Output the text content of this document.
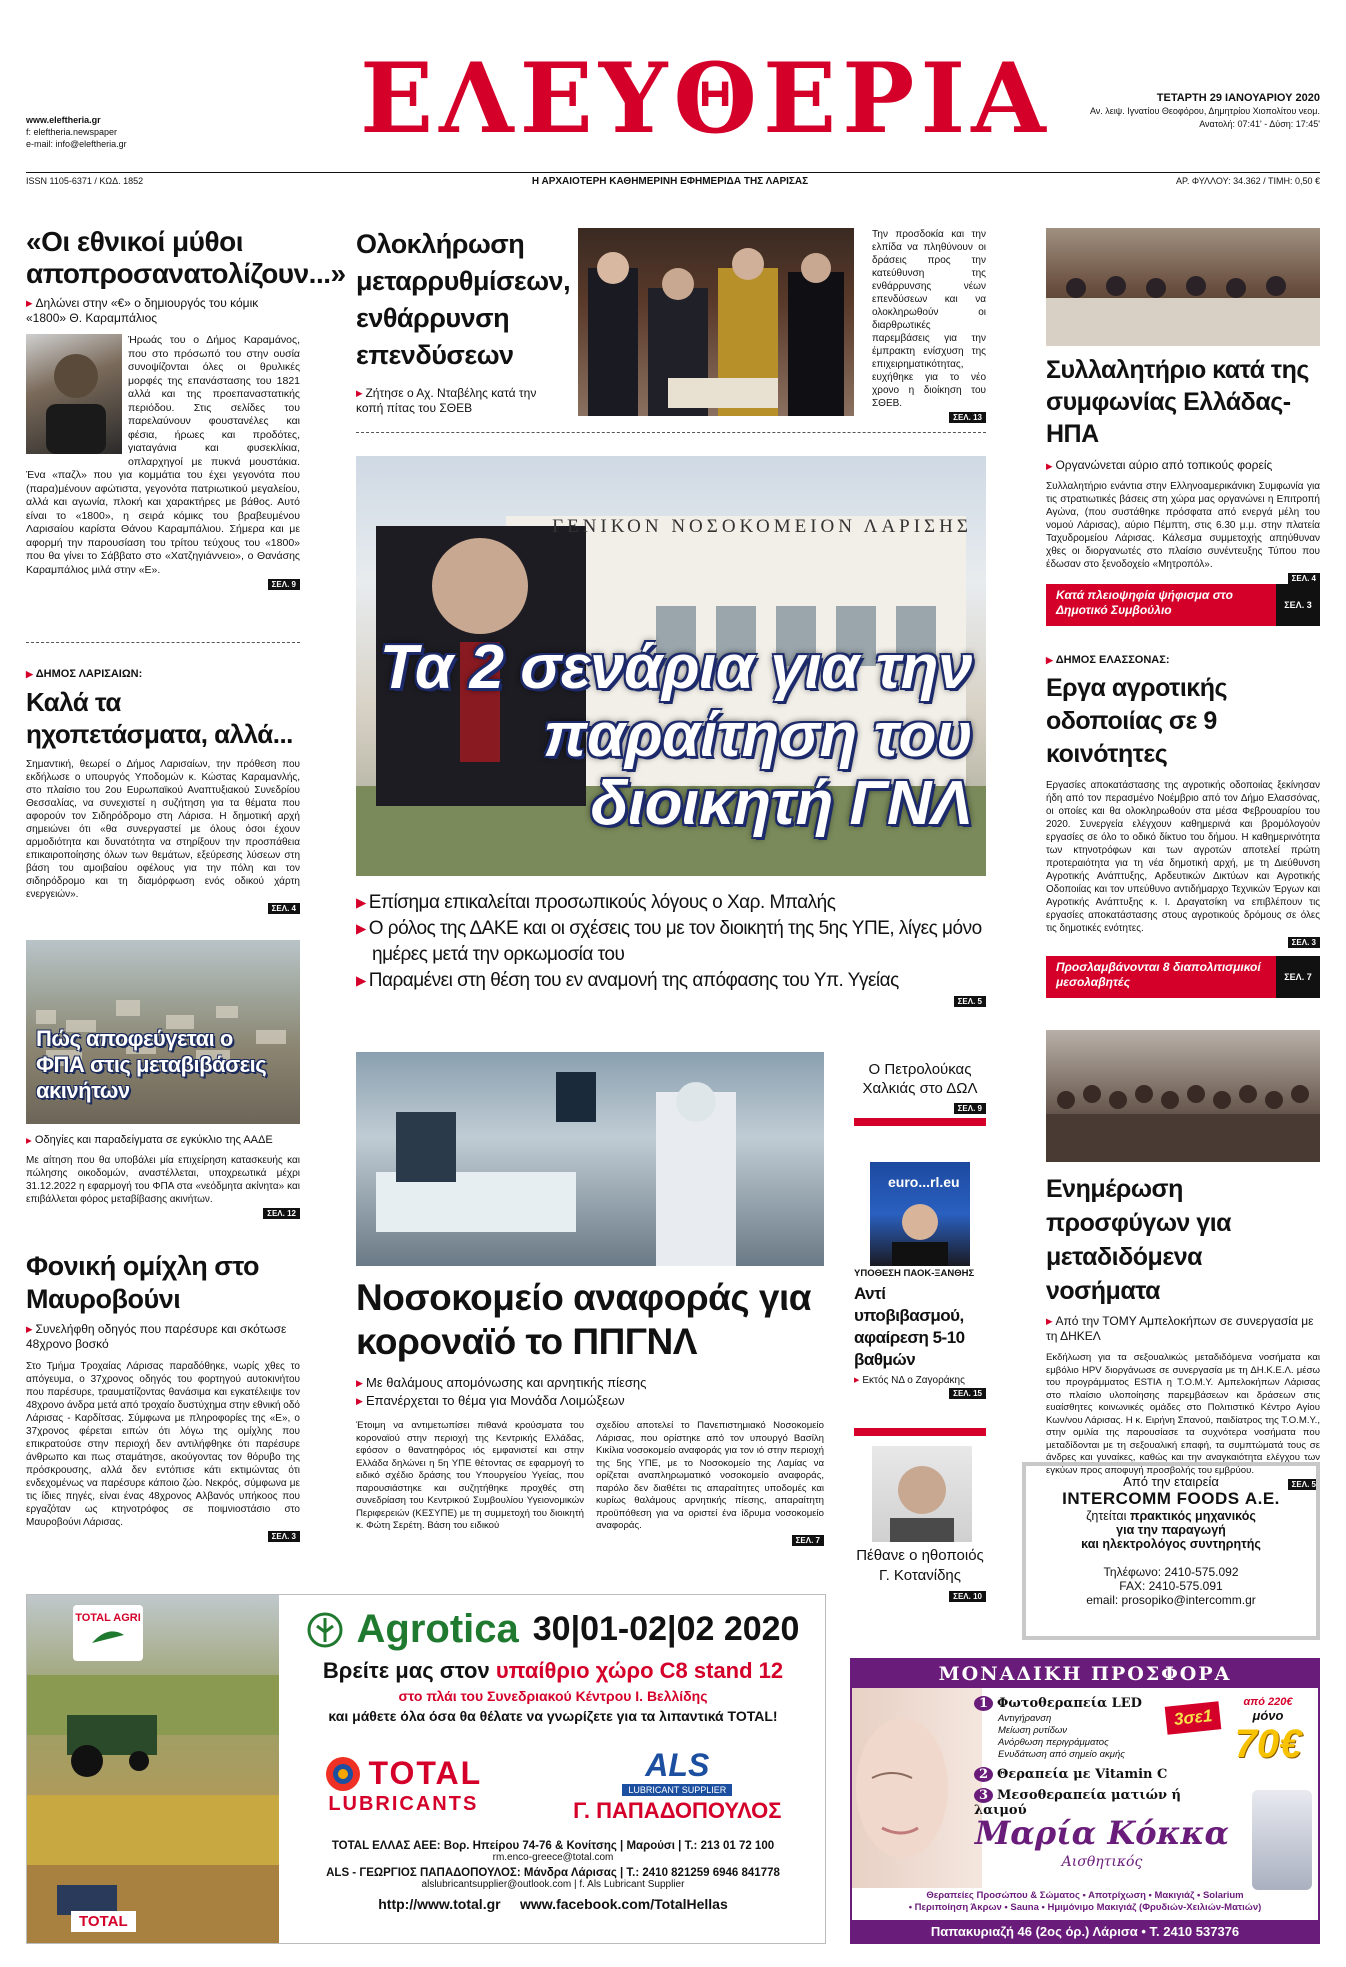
www.eleftheria.gr
f: eleftheria.newspaper
e-mail: info@eleftheria.gr ΕΛΕΥΘΕΡΙΑ	ΤΕΤΑΡΤΗ 29 ΙΑΝΟΥΑΡΙΟΥ 2020
Αν. λειψ. Ιγνατίου Θεοφόρου, Δημητρίου Χιοπολίτου νεομ.
Ανατολή: 07:41' - Δύση: 17:45'
ISSN 1105-6371 / ΚΩΔ. 1852	Η ΑΡΧΑΙΟΤΕΡΗ ΚΑΘΗΜΕΡΙΝΗ ΕΦΗΜΕΡΙΔΑ ΤΗΣ ΛΑΡΙΣΑΣ	ΑΡ. ΦΥΛΛΟΥ: 34.362 / ΤΙΜΗ: 0,50 €
«Οι εθνικοί μύθοι αποπροσανατολίζουν...»
▶ Δηλώνει στην «€» ο δημιουργός του κόμικ «1800» Θ. Καραμπάλιος
Ήρωάς του ο Δήμος Καραμάνος, που στο πρόσωπό του στην ουσία συνοψίζονται όλες οι θρυλικές μορφές της επανάστασης του 1821 αλλά και της προεπαναστατικής περιόδου. Στις σελίδες του παρελαύνουν φουστανέλες και φέσια, ήρωες και προδότες, γιαταγάνια και φυσεκλίκια, οπλαρχηγοί με πυκνά μουστάκια. Ένα «παζλ» που για κομμάτια του έχει γεγονότα που (παρα)μένουν αφώτιστα, γεγονότα πατριωτικού μεγαλείου, αλλά και αγωνία, πλοκή και χαρακτήρες με βάθος. Αυτό είναι το «1800», η σειρά κόμικς του βραβευμένου Λαρισαίου καρίστα Θάνου Καραμπάλιου. Σήμερα και με αφορμή την παρουσίαση του τρίτου τεύχους του «1800» που θα γίνει το Σάββατο στο «Χατζηγιάννειο», ο Θανάσης Καραμπάλιος μιλά στην «Ε».
ΣΕΛ. 9
▶ ΔΗΜΟΣ ΛΑΡΙΣΑΙΩΝ:
Καλά τα ηχοπετάσματα, αλλά...
Σημαντική, θεωρεί ο Δήμος Λαρισαίων, την πρόθεση που εκδήλωσε ο υπουργός Υποδομών κ. Κώστας Καραμανλής, στο πλαίσιο του 2ου Ευρωπαϊκού Αναπτυξιακού Συνεδρίου Θεσσαλίας, να συνεχιστεί η συζήτηση για τα θέματα που αφορούν τον Σιδηρόδρομο στη Λάρισα. Η δημοτική αρχή σημειώνει ότι «θα συνεργαστεί με όλους όσοι έχουν αρμοδιότητα και δυνατότητα να στηρίξουν την προσπάθεια επικαιροποίησης όλων των θεμάτων, εξεύρεσης λύσεων στη βάση του αμοιβαίου οφέλους για την πόλη και τον σιδηρόδρομο και τη διαμόρφωση ενός οδικού χάρτη ενεργειών».
ΣΕΛ. 4
Πώς αποφεύγεται ο ΦΠΑ στις μεταβιβάσεις ακινήτων
▶ Οδηγίες και παραδείγματα σε εγκύκλιο της ΑΑΔΕ
Με αίτηση που θα υποβάλει μία επιχείρηση κατασκευής και πώλησης οικοδομών, αναστέλλεται, υποχρεωτικά μέχρι 31.12.2022 η εφαρμογή του ΦΠΑ στα «νεόδμητα ακίνητα» και επιβάλλεται φόρος μεταβίβασης ακινήτων.
ΣΕΛ. 12
Φονική ομίχλη στο Μαυροβούνι
▶ Συνελήφθη οδηγός που παρέσυρε και σκότωσε 48χρονο βοσκό
Στο Τμήμα Τροχαίας Λάρισας παραδόθηκε, νωρίς χθες το απόγευμα, ο 37χρονος οδηγός του φορτηγού αυτοκινήτου που παρέσυρε, τραυματίζοντας θανάσιμα και εγκατέλειψε τον 48χρονο άνδρα μετά από τροχαίο δυστύχημα στην εθνική οδό Λάρισας - Καρδίτσας. Σύμφωνα με πληροφορίες της «Ε», ο 37χρονος φέρεται ειπών ότι λόγω της ομίχλης που επικρατούσε στην περιοχή δεν αντιλήφθηκε ότι παρέσυρε άνθρωπο και πως σταμάτησε, ακούγοντας τον θόρυβο της πρόσκρουσης, αλλά δεν εντόπισε κάτι εκτιμώντας ότι ενδεχομένως να παρέσυρε κάποιο ζώο. Νεκρός, σύμφωνα με τις ίδιες πηγές, είναι ένας 48χρονος Αλβανός υπήκοος που εργαζόταν ως κτηνοτρόφος σε ποιμνιοστάσιο στο Μαυροβούνι Λάρισας.
ΣΕΛ. 3
Ολοκλήρωση μεταρρυθμίσεων, ενθάρρυνση επενδύσεων
▶ Ζήτησε ο Αχ. Νταβέλης κατά την κοπή πίτας του ΣΘΕΒ
Την προσδοκία και την ελπίδα να πληθύνουν οι δράσεις προς την κατεύθυνση της ενθάρρυνσης νέων επενδύσεων και να ολοκληρωθούν οι διαρθρωτικές παρεμβάσεις για την έμπρακτη ενίσχυση της επιχειρηματικότητας, ευχήθηκε για το νέο χρονο η διοίκηση του ΣΘΕΒ.
ΣΕΛ. 13
ΓΕΝΙΚΟΝ ΝΟΣΟΚΟΜΕΙΟΝ ΛΑΡΙΣΗΣ
Τα 2 σενάρια για την παραίτηση του διοικητή ΓΝΛ
▶ Επίσημα επικαλείται προσωπικούς λόγους ο Χαρ. Μπαλής
▶ Ο ρόλος της ΔΑΚΕ και οι σχέσεις του με τον διοικητή της 5ης ΥΠΕ, λίγες μόνο ημέρες μετά την ορκωμοσία του
▶ Παραμένει στη θέση του εν αναμονή της απόφασης του Υπ. Υγείας
ΣΕΛ. 5
Νοσοκομείο αναφοράς για κοροναϊό το ΠΠΓΝΛ
▶ Με θαλάμους απομόνωσης και αρνητικής πίεσης
▶ Επανέρχεται το θέμα για Μονάδα Λοιμώξεων
Έτοιμη να αντιμετωπίσει πιθανά κρούσματα του κοροναϊού στην περιοχή της Κεντρικής Ελλάδας, εφόσον ο θανατηφόρος ιός εμφανιστεί και στην Ελλάδα δηλώνει η 5η ΥΠΕ θέτοντας σε εφαρμογή το ειδικό σχέδιο δράσης του Υπουργείου Υγείας, που παρουσιάστηκε και συζητήθηκε προχθές στη συνεδρίαση του Κεντρικού Συμβουλίου Υγειονομικών Περιφερειών (ΚΕΣΥΠΕ) με τη συμμετοχή του διοικητή κ. Φώτη Σερέτη. Βάση του ειδικού
σχεδίου αποτελεί το Πανεπιστημιακό Νοσοκομείο Λάρισας, που ορίστηκε από τον υπουργό Βασίλη Κικίλια νοσοκομείο αναφοράς για τον ιό στην περιοχή της 5ης ΥΠΕ, με το Νοσοκομείο της Λαμίας να ορίζεται αναπληρωματικό νοσοκομείο αναφοράς, παρόλο δεν διαθέτει τις απαραίτητες υποδομές και κυρίως θαλάμους αρνητικής πίεσης, απαραίτητη προϋπόθεση για να οριστεί ένα ίδρυμα νοσοκομείο αναφοράς.
ΣΕΛ. 7
Ο Πετρολούκας Χαλκιάς στο ΔΩΛ
ΣΕΛ. 9
euro...rl.eu
ΥΠΟΘΕΣΗ ΠΑΟΚ-ΞΑΝΘΗΣ
Αντί υποβιβασμού, αφαίρεση 5-10 βαθμών
▶ Εκτός ΝΔ ο Ζαγοράκης
ΣΕΛ. 15
Πέθανε ο ηθοποιός Γ. Κοτανίδης
ΣΕΛ. 10
Συλλαλητήριο κατά της συμφωνίας Ελλάδας-ΗΠΑ
▶ Οργανώνεται αύριο από τοπικούς φορείς
Συλλαλητήριο ενάντια στην Ελληνοαμερικάνικη Συμφωνία για τις στρατιωτικές βάσεις στη χώρα μας οργανώνει η Επιτροπή Αγώνα, (που συστάθηκε πρόσφατα από ενεργά μέλη του νομού Λάρισας), αύριο Πέμπτη, στις 6.30 μ.μ. στην πλατεία Ταχυδρομείου Λάρισας. Κάλεσμα συμμετοχής απηύθυναν χθες οι διοργανωτές στο πλαίσιο συνέντευξης Τύπου που έδωσαν στο ξενοδοχείο «Μητροπόλ».
ΣΕΛ. 4
Κατά πλειοψηφία ψήφισμα στο Δημοτικό Συμβούλιο	ΣΕΛ. 3
▶ ΔΗΜΟΣ ΕΛΑΣΣΟΝΑΣ:
Εργα αγροτικής οδοποιίας σε 9 κοινότητες
Εργασίες αποκατάστασης της αγροτικής οδοποιίας ξεκίνησαν ήδη από τον περασμένο Νοέμβριο από τον Δήμο Ελασσόνας, οι οποίες και θα ολοκληρωθούν στα μέσα Φεβρουαρίου του 2020. Συνεργεία ελέγχουν καθημερινά και βρομόλογούν εργασίες σε όλο το οδικό δίκτυο του δήμου. Η καθημερινότητα των κτηνοτρόφων και των αγροτών αποτελεί πρώτη προτεραιότητα για τη νέα δημοτική αρχή, με τη Διεύθυνση Αγροτικής Ανάπτυξης, Αρδευτικών Δικτύων και Αγροτικής Οδοποιίας και τον υπεύθυνο αντιδήμαρχο Τεχνικών Έργων και Αγροτικής Ανάπτυξης κ. Ι. Δραγατσίκη να επιβλέπουν τις εργασίες αποκατάστασης στους αγροτικούς δρόμους σε όλες τις δημοτικές ενότητες.
ΣΕΛ. 3
Προσλαμβάνονται 8 διαπολιτισμικοί μεσολαβητές	ΣΕΛ. 7
Ενημέρωση προσφύγων για μεταδιδόμενα νοσήματα
▶ Από την ΤΟΜΥ Αμπελοκήπων σε συνεργασία με τη ΔΗΚΕΛ
Εκδήλωση για τα σεξουαλικώς μεταδιδόμενα νοσήματα και εμβόλιο HPV διοργάνωσε σε συνεργασία με τη ΔΗ.Κ.Ε.Λ. μέσω του προγράμματος ESTIA η Τ.Ο.Μ.Υ. Αμπελοκήπων Λάρισας στο πλαίσιο υλοποίησης παρεμβάσεων και δράσεων στις ευαίσθητες κοινωνικές ομάδες στο Πολιτιστικό Κέντρο Αγίου Κων/νου Λάρισας. Η κ. Ειρήνη Σπανού, παιδίατρος της Τ.Ο.Μ.Υ., στην ομιλία της παρουσίασε τα συχνότερα νοσήματα που μεταδίδονται με τη σεξουαλική επαφή, τα συμπτώματά τους σε άνδρες και γυναίκες, καθώς και την αναγκαιότητα ελέγχου των εγκύων προς αποφυγή προσβολής του εμβρύου.
ΣΕΛ. 5
Από την εταιρεία
INTERCOMM FOODS Α.Ε.
ζητείται πρακτικός μηχανικός
για την παραγωγή
και ηλεκτρολόγος συντηρητής
Τηλέφωνο: 2410-575.092
FAX: 2410-575.091
email: prosopiko@intercomm.gr
TOTAL AGRI
TOTAL
Agrotica 30|01-02|02 2020
Βρείτε μας στον υπαίθριο χώρο C8 stand 12
στο πλάι του Συνεδριακού Κέντρου Ι. Βελλίδης
και μάθετε όλα όσα θα θέλατε να γνωρίζετε για τα λιπαντικά TOTAL!
TOTAL
LUBRICANTS
ALS
LUBRICANT SUPPLIER
Γ. ΠΑΠΑΔΟΠΟΥΛΟΣ
TOTAL ΕΛΛΑΣ ΑΕΕ: Βορ. Ηπείρου 74-76 & Κονίτσης | Μαρούσι | Τ.: 213 01 72 100
rm.enco-greece@total.com
ALS - ΓΕΩΡΓΙΟΣ ΠΑΠΑΔΟΠΟΥΛΟΣ: Μάνδρα Λάρισας | Τ.: 2410 821259 6946 841778
alslubricantsupplier@outlook.com | f. Als Lubricant Supplier
http://www.total.gr     www.facebook.com/TotalHellas
ΜΟΝΑΔΙΚΗ ΠΡΟΣΦΟΡΑ
1 Φωτοθεραπεία LED
Αντιγήρανση
Μείωση ρυτίδων
Ανόρθωση περιγράμματος
Ενυδάτωση από σημείο ακμής
2 Θεραπεία με Vitamin C
3 Μεσοθεραπεία ματιών ή λαιμού
3σε1
από 220€
μόνο
70€
Μαρία Κόκκα
Αισθητικός
Θεραπείες Προσώπου & Σώματος • Αποτρίχωση • Μακιγιάζ • Solarium
• Περιποίηση Άκρων • Sauna • Ημιμόνιμο Μακιγιάζ (Φρυδιών-Χειλιών-Ματιών)
Παπακυριαζή 46 (2ος όρ.) Λάρισα • Τ. 2410 537376
